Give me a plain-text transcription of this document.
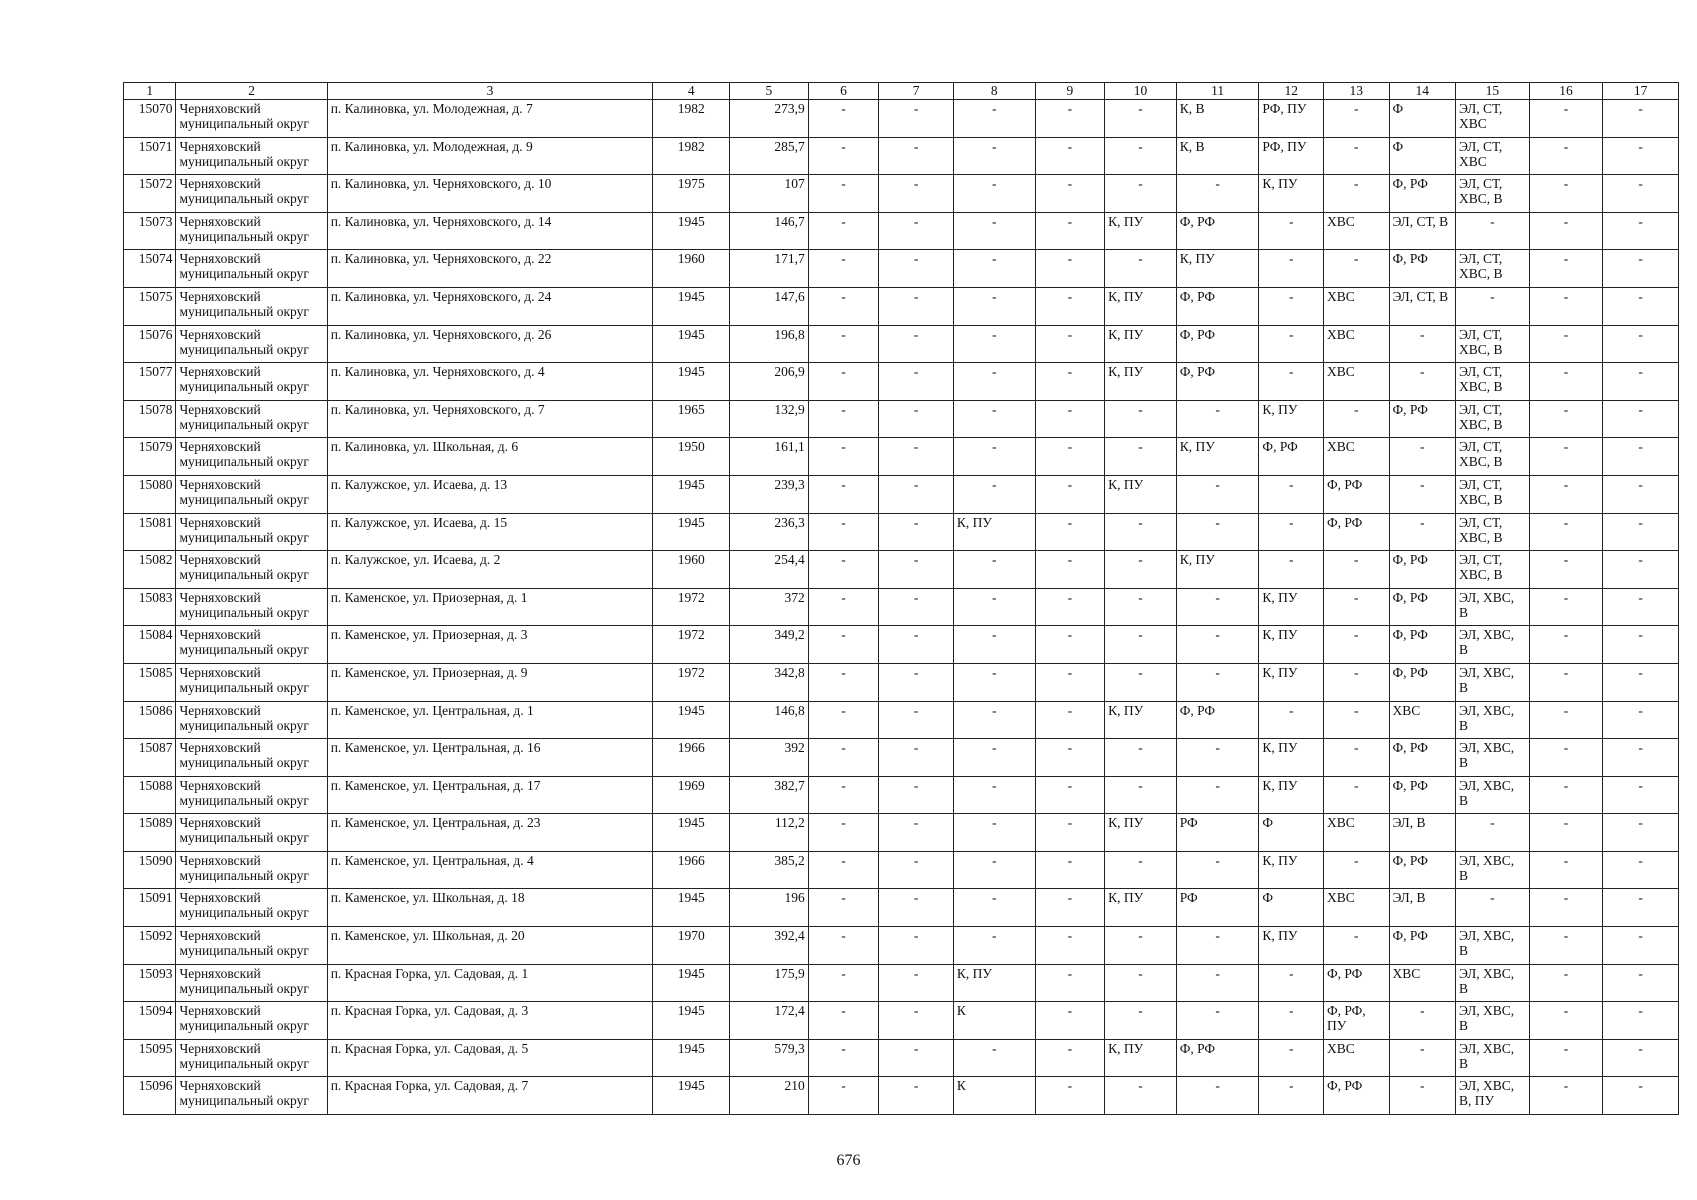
1	2	3	4	5	6	7	8	9	10	11	12	13	14	15	16	17
15070	Черняховский муниципальный округ	п. Калиновка, ул. Молодежная, д. 7	1982	273,9	-	-	-	-	-	К, В	РФ, ПУ	-	Ф	ЭЛ, СТ, ХВС	-	-
15071	Черняховский муниципальный округ	п. Калиновка, ул. Молодежная, д. 9	1982	285,7	-	-	-	-	-	К, В	РФ, ПУ	-	Ф	ЭЛ, СТ, ХВС	-	-
15072	Черняховский муниципальный округ	п. Калиновка, ул. Черняховского, д. 10	1975	107	-	-	-	-	-	-	К, ПУ	-	Ф, РФ	ЭЛ, СТ, ХВС, В	-	-
15073	Черняховский муниципальный округ	п. Калиновка, ул. Черняховского, д. 14	1945	146,7	-	-	-	-	К, ПУ	Ф, РФ	-	ХВС	ЭЛ, СТ, В	-	-	-
15074	Черняховский муниципальный округ	п. Калиновка, ул. Черняховского, д. 22	1960	171,7	-	-	-	-	-	К, ПУ	-	-	Ф, РФ	ЭЛ, СТ, ХВС, В	-	-
15075	Черняховский муниципальный округ	п. Калиновка, ул. Черняховского, д. 24	1945	147,6	-	-	-	-	К, ПУ	Ф, РФ	-	ХВС	ЭЛ, СТ, В	-	-	-
15076	Черняховский муниципальный округ	п. Калиновка, ул. Черняховского, д. 26	1945	196,8	-	-	-	-	К, ПУ	Ф, РФ	-	ХВС	-	ЭЛ, СТ, ХВС, В	-	-
15077	Черняховский муниципальный округ	п. Калиновка, ул. Черняховского, д. 4	1945	206,9	-	-	-	-	К, ПУ	Ф, РФ	-	ХВС	-	ЭЛ, СТ, ХВС, В	-	-
15078	Черняховский муниципальный округ	п. Калиновка, ул. Черняховского, д. 7	1965	132,9	-	-	-	-	-	-	К, ПУ	-	Ф, РФ	ЭЛ, СТ, ХВС, В	-	-
15079	Черняховский муниципальный округ	п. Калиновка, ул. Школьная, д. 6	1950	161,1	-	-	-	-	-	К, ПУ	Ф, РФ	ХВС	-	ЭЛ, СТ, ХВС, В	-	-
15080	Черняховский муниципальный округ	п. Калужское, ул. Исаева, д. 13	1945	239,3	-	-	-	-	К, ПУ	-	-	Ф, РФ	-	ЭЛ, СТ, ХВС, В	-	-
15081	Черняховский муниципальный округ	п. Калужское, ул. Исаева, д. 15	1945	236,3	-	-	К, ПУ	-	-	-	-	Ф, РФ	-	ЭЛ, СТ, ХВС, В	-	-
15082	Черняховский муниципальный округ	п. Калужское, ул. Исаева, д. 2	1960	254,4	-	-	-	-	-	К, ПУ	-	-	Ф, РФ	ЭЛ, СТ, ХВС, В	-	-
15083	Черняховский муниципальный округ	п. Каменское, ул. Приозерная, д. 1	1972	372	-	-	-	-	-	-	К, ПУ	-	Ф, РФ	ЭЛ, ХВС, В	-	-
15084	Черняховский муниципальный округ	п. Каменское, ул. Приозерная, д. 3	1972	349,2	-	-	-	-	-	-	К, ПУ	-	Ф, РФ	ЭЛ, ХВС, В	-	-
15085	Черняховский муниципальный округ	п. Каменское, ул. Приозерная, д. 9	1972	342,8	-	-	-	-	-	-	К, ПУ	-	Ф, РФ	ЭЛ, ХВС, В	-	-
15086	Черняховский муниципальный округ	п. Каменское, ул. Центральная, д. 1	1945	146,8	-	-	-	-	К, ПУ	Ф, РФ	-	-	ХВС	ЭЛ, ХВС, В	-	-
15087	Черняховский муниципальный округ	п. Каменское, ул. Центральная, д. 16	1966	392	-	-	-	-	-	-	К, ПУ	-	Ф, РФ	ЭЛ, ХВС, В	-	-
15088	Черняховский муниципальный округ	п. Каменское, ул. Центральная, д. 17	1969	382,7	-	-	-	-	-	-	К, ПУ	-	Ф, РФ	ЭЛ, ХВС, В	-	-
15089	Черняховский муниципальный округ	п. Каменское, ул. Центральная, д. 23	1945	112,2	-	-	-	-	К, ПУ	РФ	Ф	ХВС	ЭЛ, В	-	-	-
15090	Черняховский муниципальный округ	п. Каменское, ул. Центральная, д. 4	1966	385,2	-	-	-	-	-	-	К, ПУ	-	Ф, РФ	ЭЛ, ХВС, В	-	-
15091	Черняховский муниципальный округ	п. Каменское, ул. Школьная, д. 18	1945	196	-	-	-	-	К, ПУ	РФ	Ф	ХВС	ЭЛ, В	-	-	-
15092	Черняховский муниципальный округ	п. Каменское, ул. Школьная, д. 20	1970	392,4	-	-	-	-	-	-	К, ПУ	-	Ф, РФ	ЭЛ, ХВС, В	-	-
15093	Черняховский муниципальный округ	п. Красная Горка, ул. Садовая, д. 1	1945	175,9	-	-	К, ПУ	-	-	-	-	Ф, РФ	ХВС	ЭЛ, ХВС, В	-	-
15094	Черняховский муниципальный округ	п. Красная Горка, ул. Садовая, д. 3	1945	172,4	-	-	К	-	-	-	-	Ф, РФ, ПУ	-	ЭЛ, ХВС, В	-	-
15095	Черняховский муниципальный округ	п. Красная Горка, ул. Садовая, д. 5	1945	579,3	-	-	-	-	К, ПУ	Ф, РФ	-	ХВС	-	ЭЛ, ХВС, В	-	-
15096	Черняховский муниципальный округ	п. Красная Горка, ул. Садовая, д. 7	1945	210	-	-	К	-	-	-	-	Ф, РФ	-	ЭЛ, ХВС, В, ПУ	-	-
676
